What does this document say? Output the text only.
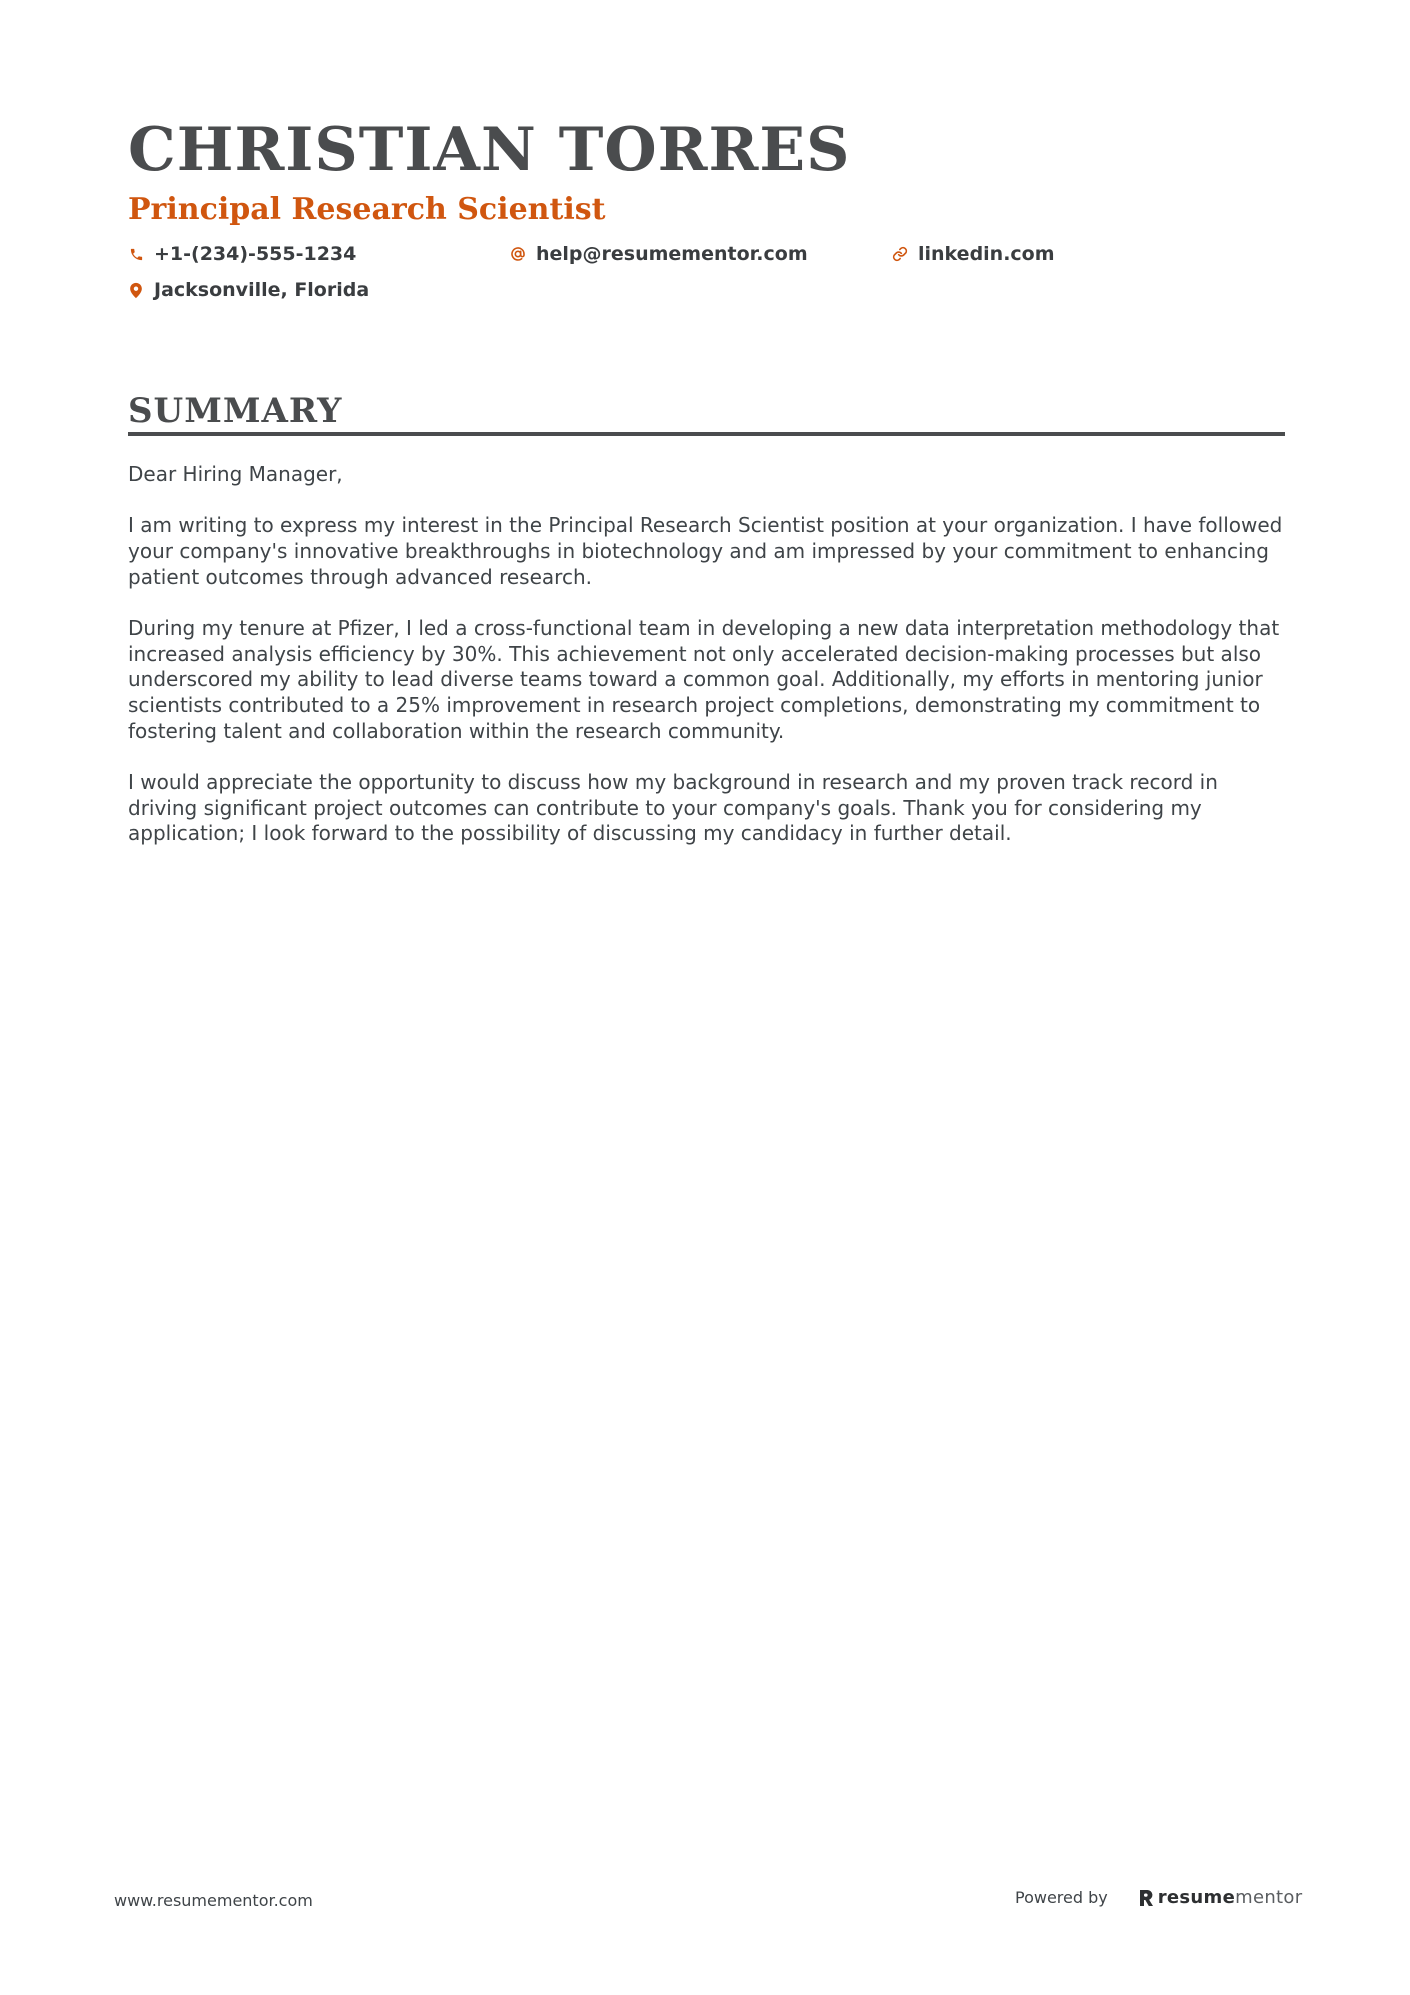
CHRISTIAN TORRES
Principal Research Scientist
+1-(234)-555-1234	help@resumementor.com	linkedin.com
Jacksonville, Florida
SUMMARY

Dear Hiring Manager,

I am writing to express my interest in the Principal Research Scientist position at your organization. I have followed your company's innovative breakthroughs in biotechnology and am impressed by your commitment to enhancing patient outcomes through advanced research.

During my tenure at Pfizer, I led a cross-functional team in developing a new data interpretation methodology that increased analysis efficiency by 30%. This achievement not only accelerated decision-making processes but also underscored my ability to lead diverse teams toward a common goal. Additionally, my efforts in mentoring junior scientists contributed to a 25% improvement in research project completions, demonstrating my commitment to fostering talent and collaboration within the research community.

I would appreciate the opportunity to discuss how my background in research and my proven track record in driving significant project outcomes can contribute to your company's goals. Thank you for considering my application; I look forward to the possibility of discussing my candidacy in further detail.

www.resumementor.com	Powered by	resumementor
